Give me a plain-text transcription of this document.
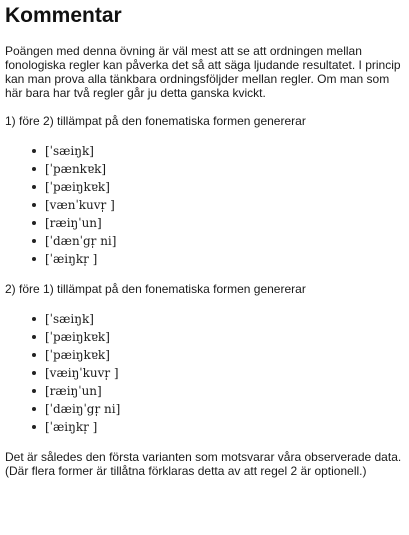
Kommentar

Poängen med denna övning är väl mest att se att ordningen mellan fonologiska regler kan påverka det så att säga ljudande resultatet. I princip kan man prova alla tänkbara ordningsföljder mellan regler. Om man som här bara har två regler går ju detta ganska kvickt.

1) före 2) tillämpat på den fonematiska formen genererar

[ˈsæiŋk]
[ˈpænkɐk]
[ˈpæiŋkɐk]
[vænˈkuvr̩ ]
[ræiŋˈun]
[ˈdænˈgr̩ ni]
[ˈæiŋkr̩ ]

2) före 1) tillämpat på den fonematiska formen genererar

[ˈsæiŋk]
[ˈpæiŋkɐk]
[ˈpæiŋkɐk]
[væiŋˈkuvr̩ ]
[ræiŋˈun]
[ˈdæiŋˈgr̩ ni]
[ˈæiŋkr̩ ]

Det är således den första varianten som motsvarar våra observerade data. (Där flera former är tillåtna förklaras detta av att regel 2 är optionell.)
